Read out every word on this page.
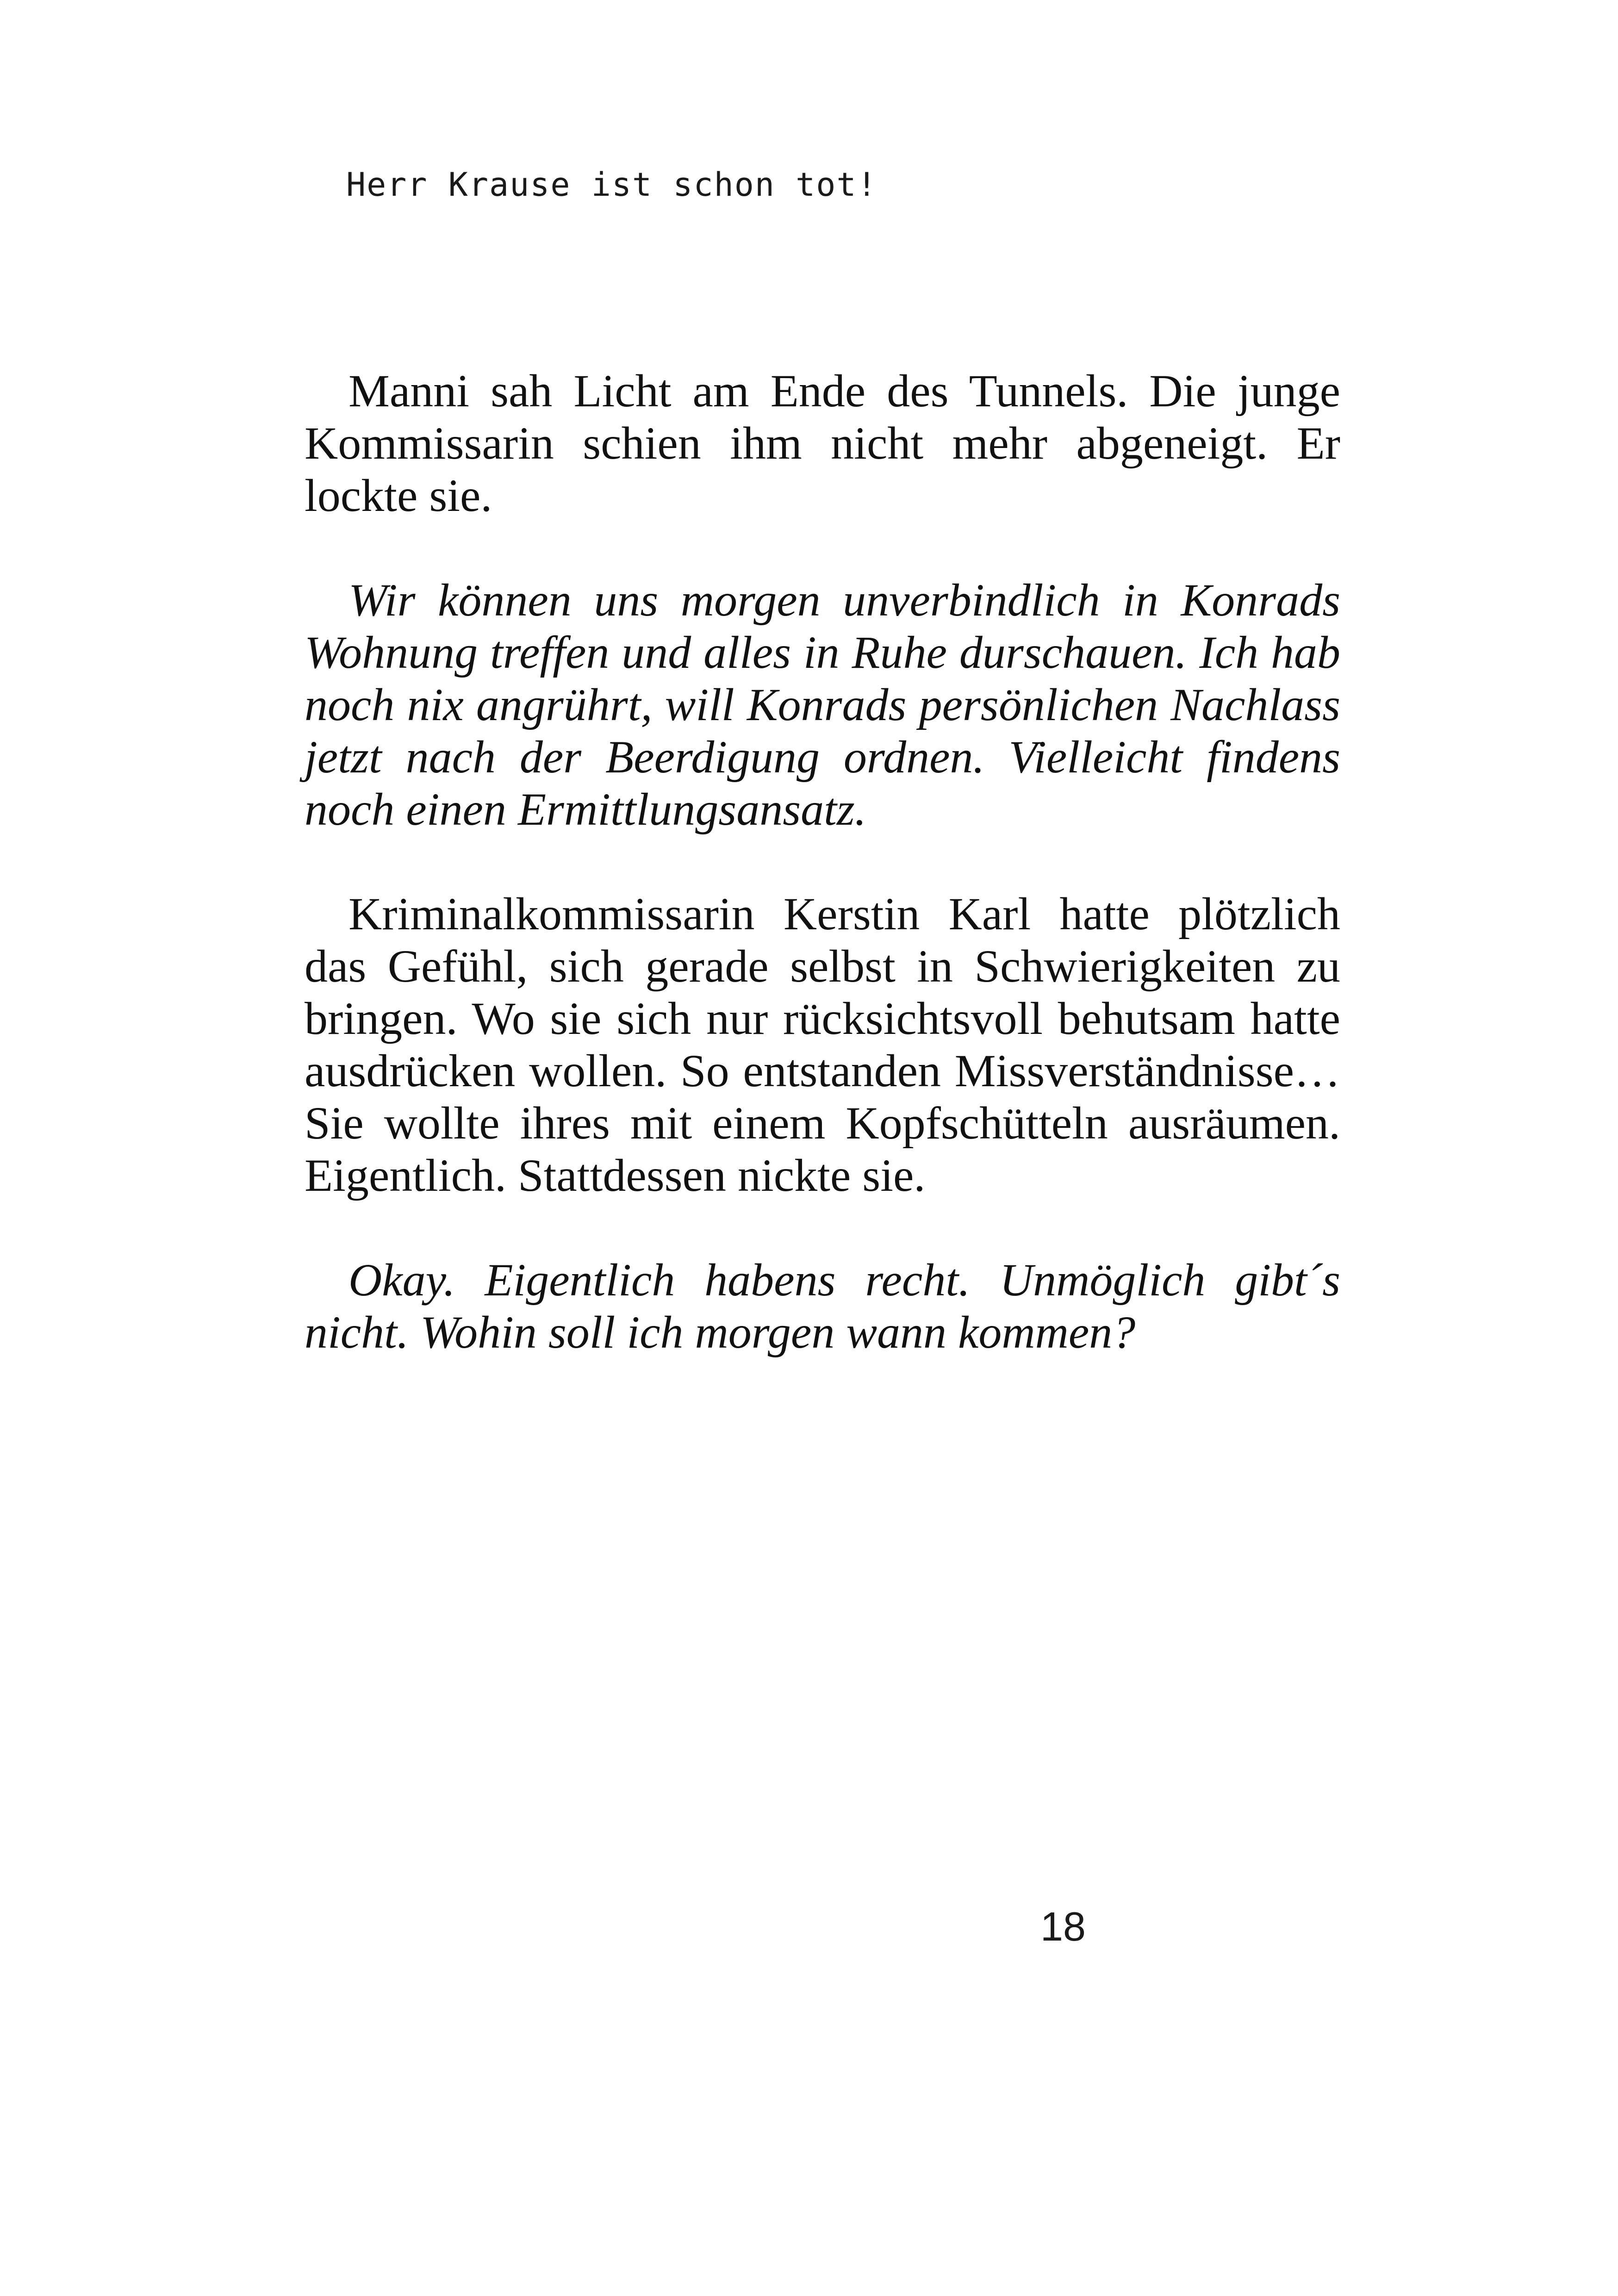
Herr Krause ist schon tot!

Manni sah Licht am Ende des Tunnels. Die junge Kommissarin schien ihm nicht mehr abgeneigt. Er lockte sie.

Wir können uns morgen unverbindlich in Konrads Wohnung treffen und alles in Ruhe durschauen. Ich hab noch nix angrührt, will Konrads persönlichen Nachlass jetzt nach der Beerdigung ordnen. Vielleicht findens noch einen Ermittlungsansatz.

Kriminalkommissarin Kerstin Karl hatte plötzlich das Gefühl, sich gerade selbst in Schwierigkeiten zu bringen. Wo sie sich nur rücksichtsvoll behutsam hatte ausdrücken wollen. So entstanden Missverständnisse… Sie wollte ihres mit einem Kopfschütteln ausräumen. Eigentlich. Stattdessen nickte sie.

Okay. Eigentlich habens recht. Unmöglich gibt´s nicht. Wohin soll ich morgen wann kommen?

18
